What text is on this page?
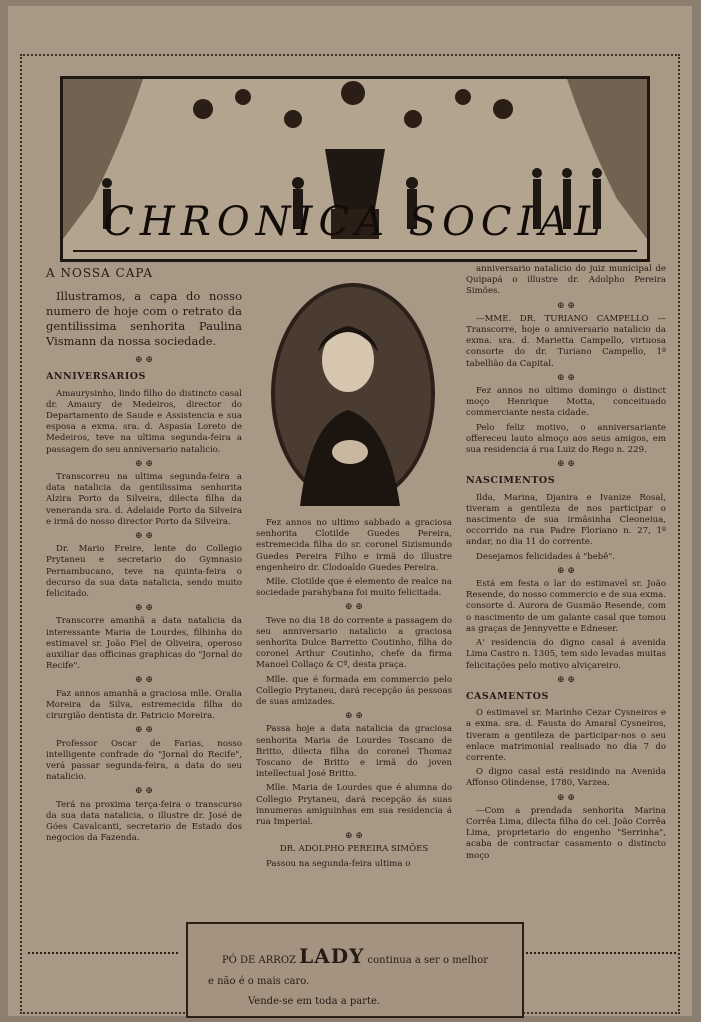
CHRONICA SOCIAL

A NOSSA CAPA

Illustramos, a capa do nosso numero de hoje com o retrato da gentilissima senhorita Paulina Vismann da nossa sociedade.

⊕ ⊕

ANNIVERSARIOS

Amaurysinho, lindo filho do distincto casal dr. Amaury de Medeiros, director do Departamento de Saude e Assistencia e sua esposa a exma. sra. d. Aspasia Loreto de Medeiros, teve na ultima segunda-feira a passagem do seu anniversario natalicio.

⊕ ⊕

Transcorreu na ultima segunda-feira a data natalicia da gentilissima senhorita Alzira Porto da Silveira, dilecta filha da veneranda sra. d. Adelaide Porto da Silveira e irmã do nosso director Porto da Silveira.

⊕ ⊕

Dr. Mario Freire, lente do Collegio Prytaneu e secretario do Gymnasio Pernambucano, teve na quinta-feira o decurso da sua data natalicia, sendo muito felicitado.

⊕ ⊕

Transcorre amanhã a data natalicia da interessante Maria de Lourdes, filhinha do estimavel sr. João Fiel de Oliveira, operoso auxiliar das officinas graphicas do "Jornal do Recife".

⊕ ⊕

Faz annos amanhã a graciosa mlle. Oralia Moreira da Silva, estremecida filha do cirurgião dentista dr. Patricio Moreira.

⊕ ⊕

Professor Oscar de Farias, nosso intelligente confrade do "Jornal do Recife", verá passar segunda-feira, a data do seu natalicio.

⊕ ⊕

Terá na proxima terça-feira o transcurso da sua data natalicia, o illustre dr. José de Góes Cavalcanti, secretario de Estado dos negocios da Fazenda.

Fez annos no ultimo sabbado a graciosa senhorita Clotilde Guedes Pereira, estremecida filha do sr. coronel Sizismundo Guedes Pereira Filho e irmã do illustre engenheiro dr. Clodoaldo Guedes Pereira.

Mlle. Clotilde que é elemento de realce na sociedade parahybana foi muito felicitada.

⊕ ⊕

Teve no dia 18 do corrente a passagem do seu anniversario natalicio a graciosa senhorita Dulce Barretto Coutinho, filha do coronel Arthur Coutinho, chefe da firma Manoel Collaço & Cª, desta praça.

Mlle. que é formada em commercio pelo Collegio Prytaneu, dará recepção ás pessoas de suas amizades.

⊕ ⊕

Passa hoje a data natalicia da graciosa senhorita Maria de Lourdes Toscano de Britto, dilecta filha do coronel Thomaz Toscano de Britto e irmã do joven intellectual José Britto.

Mlle. Maria de Lourdes que é alumna do Collegio Prytaneu, dará recepção ás suas innumeras amiguinhas em sua residencia á rua Imperial.

⊕ ⊕

DR. ADOLPHO PEREIRA SIMÕES

Passou na segunda-feira ultima o

anniversario natalicio do juiz municipal de Quipapá o illustre dr. Adolpho Pereira Simões.

⊕ ⊕

—MME. DR. TURIANO CAMPELLO — Transcorre, hoje o anniversario natalicio da exma. sra. d. Marietta Campello, virtuosa consorte do dr. Turiano Campello, 1º tabellião da Capital.

⊕ ⊕

Fez annos no ultimo domingo o distinct moço Henrique Motta, conceituado commerciante nesta cidade.

Pelo feliz motivo, o anniversariante offereceu lauto almoço aos seus amigos, em sua residencia á rua Luiz do Rego n. 229.

⊕ ⊕

NASCIMENTOS

Ilda, Marina, Djanira e Ivanize Rosal, tiveram a gentileza de nos participar o nascimento de sua irmãsinha Cleoneiua, occorrido na rua Padre Floriano n. 27, 1º andar, no dia 11 do corrente.

Desejamos felicidades á "bebê".

⊕ ⊕

Está em festa o lar do estimavel sr. João Resende, do nosso commercio e de sua exma. consorte d. Aurora de Gusmão Resende, com o nascimento de um galante casal que tomou as graças de Jennyvette e Edneser.

A' residencia do digno casal á avenida Lima Castro n. 1305, tem sido levadas muitas felicitações pelo motivo alviçareiro.

⊕ ⊕

CASAMENTOS

O estimavel sr. Marinho Cezar Cysneiros e a exma. sra. d. Fausta do Amaral Cysneiros, tiveram a gentileza de participar-nos o seu enlace matrimonial realisado no dia 7 do corrente.

O digno casal está residindo na Avenida Affonso Olindense, 1780, Varzea.

⊕ ⊕

—Com a prendada senhorita Marina Corrêa Lima, dilecta filha do cel. João Corrêa Lima, proprietario do engenho "Serrinha", acaba de contractar casamento o distincto moço

PÓ DE ARROZ LADY continua a ser o melhor
e não é o mais caro.
Vende-se em toda a parte.
